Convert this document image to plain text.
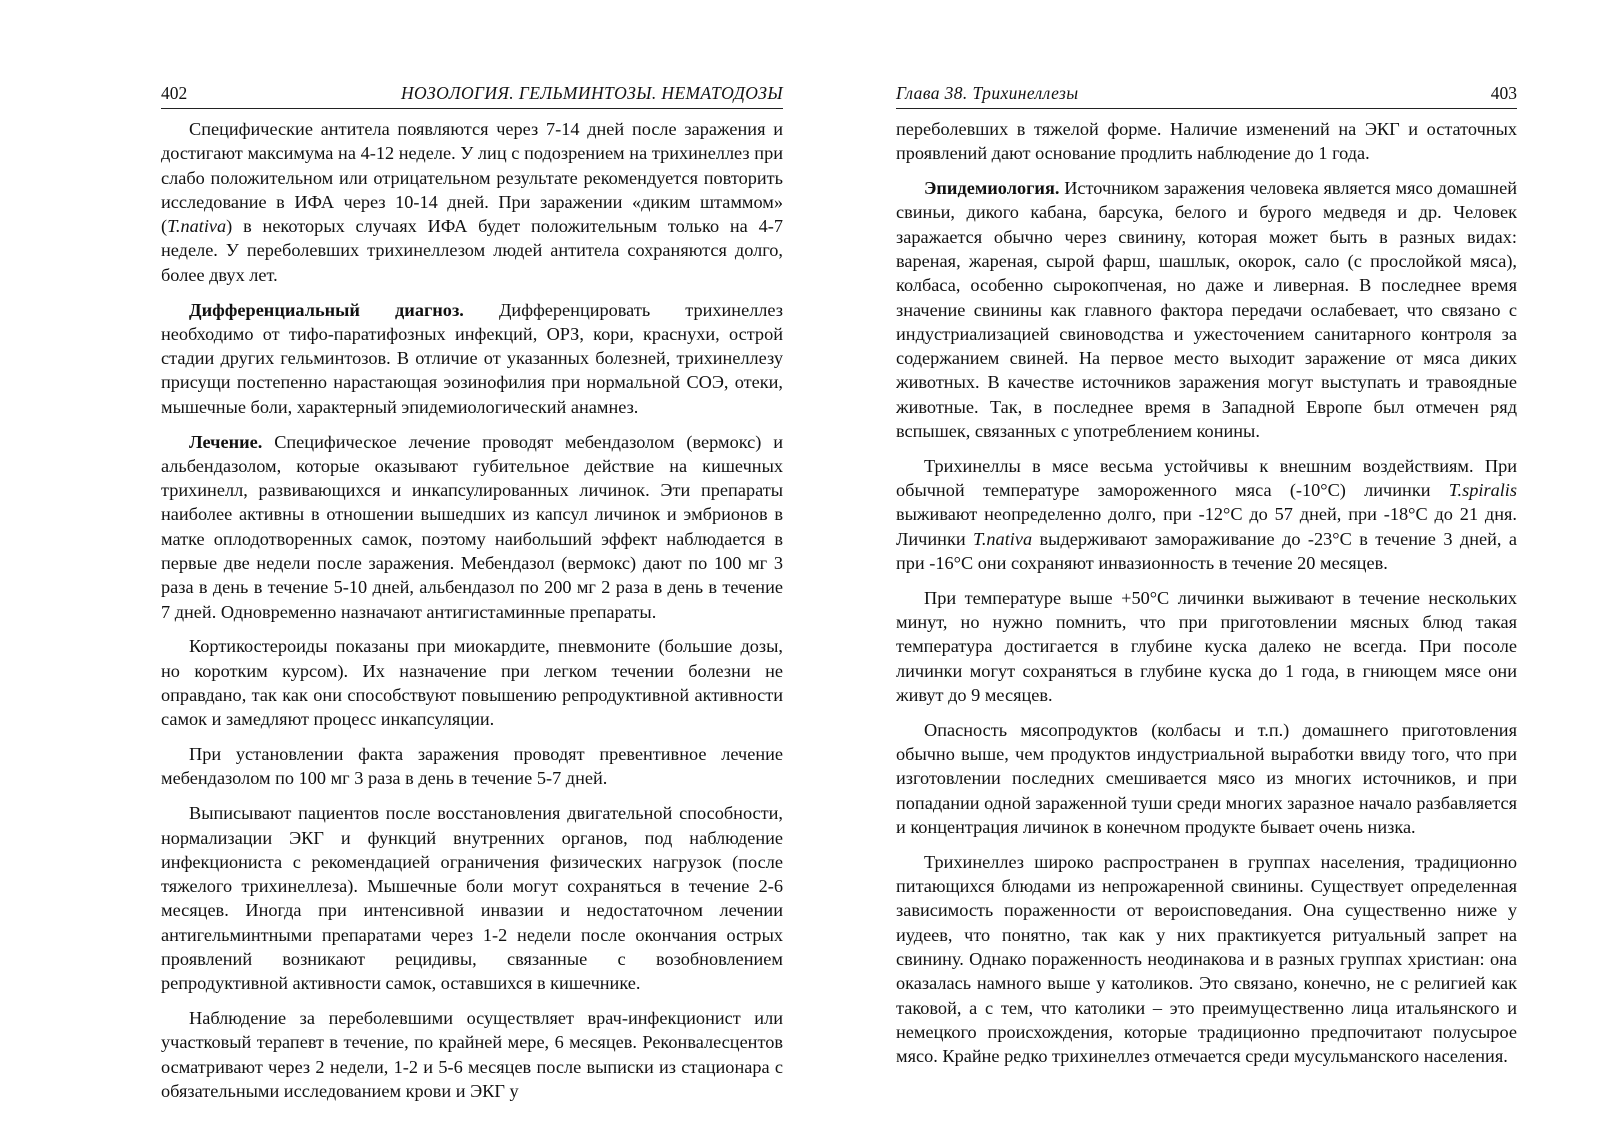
402	НОЗОЛОГИЯ. ГЕЛЬМИНТОЗЫ. НЕМАТОДОЗЫ

Специфические антитела появляются через 7-14 дней после заражения и достигают максимума на 4-12 неделе. У лиц с подозрением на трихинеллез при слабо положительном или отрицательном результате рекомендуется повторить исследование в ИФА через 10-14 дней. При заражении «диким штаммом» (T.nativa) в некоторых случаях ИФА будет положительным только на 4-7 неделе. У переболевших трихинеллезом людей антитела сохраняются долго, более двух лет.

Дифференциальный диагноз. Дифференцировать трихинеллез необходимо от тифо-паратифозных инфекций, ОРЗ, кори, краснухи, острой стадии других гельминтозов. В отличие от указанных болезней, трихинеллезу присущи постепенно нарастающая эозинофилия при нормальной СОЭ, отеки, мышечные боли, характерный эпидемиологический анамнез.

Лечение. Специфическое лечение проводят мебендазолом (вермокс) и альбендазолом, которые оказывают губительное действие на кишечных трихинелл, развивающихся и инкапсулированных личинок. Эти препараты наиболее активны в отношении вышедших из капсул личинок и эмбрионов в матке оплодотворенных самок, поэтому наибольший эффект наблюдается в первые две недели после заражения. Мебендазол (вермокс) дают по 100 мг 3 раза в день в течение 5-10 дней, альбендазол по 200 мг 2 раза в день в течение 7 дней. Одновременно назначают антигистаминные препараты.

Кортикостероиды показаны при миокардите, пневмоните (большие дозы, но коротким курсом). Их назначение при легком течении болезни не оправдано, так как они способствуют повышению репродуктивной активности самок и замедляют процесс инкапсуляции.

При установлении факта заражения проводят превентивное лечение мебендазолом по 100 мг 3 раза в день в течение 5-7 дней.

Выписывают пациентов после восстановления двигательной способности, нормализации ЭКГ и функций внутренних органов, под наблюдение инфекциониста с рекомендацией ограничения физических нагрузок (после тяжелого трихинеллеза). Мышечные боли могут сохраняться в течение 2-6 месяцев. Иногда при интенсивной инвазии и недостаточном лечении антигельминтными препаратами через 1-2 недели после окончания острых проявлений возникают рецидивы, связанные с возобновлением репродуктивной активности самок, оставшихся в кишечнике.

Наблюдение за переболевшими осуществляет врач-инфекционист или участковый терапевт в течение, по крайней мере, 6 месяцев. Реконвалесцентов осматривают через 2 недели, 1-2 и 5-6 месяцев после выписки из стационара с обязательными исследованием крови и ЭКГ у

Глава 38. Трихинеллезы	403

переболевших в тяжелой форме. Наличие изменений на ЭКГ и остаточных проявлений дают основание продлить наблюдение до 1 года.

Эпидемиология. Источником заражения человека является мясо домашней свиньи, дикого кабана, барсука, белого и бурого медведя и др. Человек заражается обычно через свинину, которая может быть в разных видах: вареная, жареная, сырой фарш, шашлык, окорок, сало (с прослойкой мяса), колбаса, особенно сырокопченая, но даже и ливерная. В последнее время значение свинины как главного фактора передачи ослабевает, что связано с индустриализацией свиноводства и ужесточением санитарного контроля за содержанием свиней. На первое место выходит заражение от мяса диких животных. В качестве источников заражения могут выступать и травоядные животные. Так, в последнее время в Западной Европе был отмечен ряд вспышек, связанных с употреблением конины.

Трихинеллы в мясе весьма устойчивы к внешним воздействиям. При обычной температуре замороженного мяса (-10°С) личинки T.spiralis выживают неопределенно долго, при -12°С до 57 дней, при -18°С до 21 дня. Личинки T.nativa выдерживают замораживание до -23°С в течение 3 дней, а при -16°С они сохраняют инвазионность в течение 20 месяцев.

При температуре выше +50°С личинки выживают в течение нескольких минут, но нужно помнить, что при приготовлении мясных блюд такая температура достигается в глубине куска далеко не всегда. При посоле личинки могут сохраняться в глубине куска до 1 года, в гниющем мясе они живут до 9 месяцев.

Опасность мясопродуктов (колбасы и т.п.) домашнего приготовления обычно выше, чем продуктов индустриальной выработки ввиду того, что при изготовлении последних смешивается мясо из многих источников, и при попадании одной зараженной туши среди многих заразное начало разбавляется и концентрация личинок в конечном продукте бывает очень низка.

Трихинеллез широко распространен в группах населения, традиционно питающихся блюдами из непрожаренной свинины. Существует определенная зависимость пораженности от вероисповедания. Она существенно ниже у иудеев, что понятно, так как у них практикуется ритуальный запрет на свинину. Однако пораженность неодинакова и в разных группах христиан: она оказалась намного выше у католиков. Это связано, конечно, не с религией как таковой, а с тем, что католики – это преимущественно лица итальянского и немецкого происхождения, которые традиционно предпочитают полусырое мясо. Крайне редко трихинеллез отмечается среди мусульманского населения.
